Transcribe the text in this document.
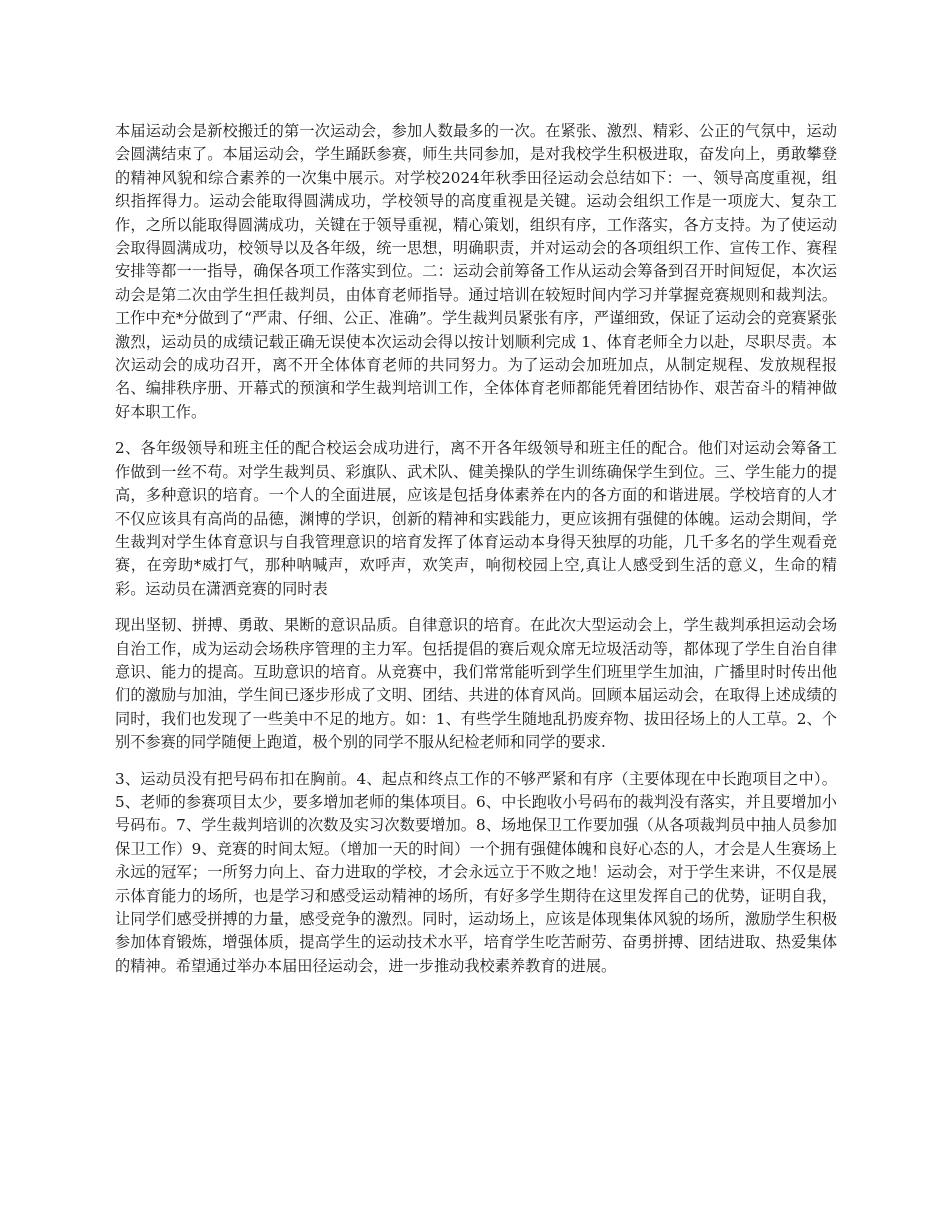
本届运动会是新校搬迁的第一次运动会，参加人数最多的一次。在紧张、激烈、精彩、公正的气氛中，运动会圆满结束了。本届运动会，学生踊跃参赛，师生共同参加，是对我校学生积极进取，奋发向上，勇敢攀登的精神风貌和综合素养的一次集中展示。对学校2024年秋季田径运动会总结如下：一、领导高度重视，组织指挥得力。运动会能取得圆满成功，学校领导的高度重视是关键。运动会组织工作是一项庞大、复杂工作，之所以能取得圆满成功，关键在于领导重视，精心策划，组织有序，工作落实，各方支持。为了使运动会取得圆满成功，校领导以及各年级，统一思想，明确职责，并对运动会的各项组织工作、宣传工作、赛程安排等都一一指导，确保各项工作落实到位。二：运动会前筹备工作从运动会筹备到召开时间短促，本次运动会是第二次由学生担任裁判员，由体育老师指导。通过培训在较短时间内学习并掌握竞赛规则和裁判法。工作中充*分做到了“严肃、仔细、公正、准确”。学生裁判员紧张有序，严谨细致，保证了运动会的竞赛紧张激烈，运动员的成绩记载正确无误使本次运动会得以按计划顺利完成 1、体育老师全力以赴，尽职尽责。本次运动会的成功召开，离不开全体体育老师的共同努力。为了运动会加班加点，从制定规程、发放规程报名、编排秩序册、开幕式的预演和学生裁判培训工作，全体体育老师都能凭着团结协作、艰苦奋斗的精神做好本职工作。

2、各年级领导和班主任的配合校运会成功进行，离不开各年级领导和班主任的配合。他们对运动会筹备工作做到一丝不苟。对学生裁判员、彩旗队、武术队、健美操队的学生训练确保学生到位。三、学生能力的提高，多种意识的培育。一个人的全面进展，应该是包括身体素养在内的各方面的和谐进展。学校培育的人才不仅应该具有高尚的品德，渊博的学识，创新的精神和实践能力，更应该拥有强健的体魄。运动会期间，学生裁判对学生体育意识与自我管理意识的培育发挥了体育运动本身得天独厚的功能，几千多名的学生观看竞赛，在旁助*威打气，那种呐喊声，欢呼声，欢笑声，响彻校园上空,真让人感受到生活的意义，生命的精彩。运动员在潇洒竞赛的同时表

现出坚韧、拼搏、勇敢、果断的意识品质。自律意识的培育。在此次大型运动会上，学生裁判承担运动会场自治工作，成为运动会场秩序管理的主力军。包括提倡的赛后观众席无垃圾活动等，都体现了学生自治自律意识、能力的提高。互助意识的培育。从竞赛中，我们常常能听到学生们班里学生加油，广播里时时传出他们的激励与加油，学生间已逐步形成了文明、团结、共进的体育风尚。回顾本届运动会，在取得上述成绩的同时，我们也发现了一些美中不足的地方。如：1、有些学生随地乱扔废弃物、拔田径场上的人工草。2、个别不参赛的同学随便上跑道，极个别的同学不服从纪检老师和同学的要求.

3、运动员没有把号码布扣在胸前。4、起点和终点工作的不够严紧和有序（主要体现在中长跑项目之中）。5、老师的参赛项目太少，要多增加老师的集体项目。6、中长跑收小号码布的裁判没有落实，并且要增加小号码布。7、学生裁判培训的次数及实习次数要增加。8、场地保卫工作要加强（从各项裁判员中抽人员参加保卫工作）9、竞赛的时间太短。（增加一天的时间）一个拥有强健体魄和良好心态的人，才会是人生赛场上永远的冠军；一所努力向上、奋力进取的学校，才会永远立于不败之地！运动会，对于学生来讲，不仅是展示体育能力的场所，也是学习和感受运动精神的场所，有好多学生期待在这里发挥自己的优势，证明自我，让同学们感受拼搏的力量，感受竞争的激烈。同时，运动场上，应该是体现集体风貌的场所，激励学生积极参加体育锻炼，增强体质，提高学生的运动技术水平，培育学生吃苦耐劳、奋勇拼搏、团结进取、热爱集体的精神。希望通过举办本届田径运动会，进一步推动我校素养教育的进展。
